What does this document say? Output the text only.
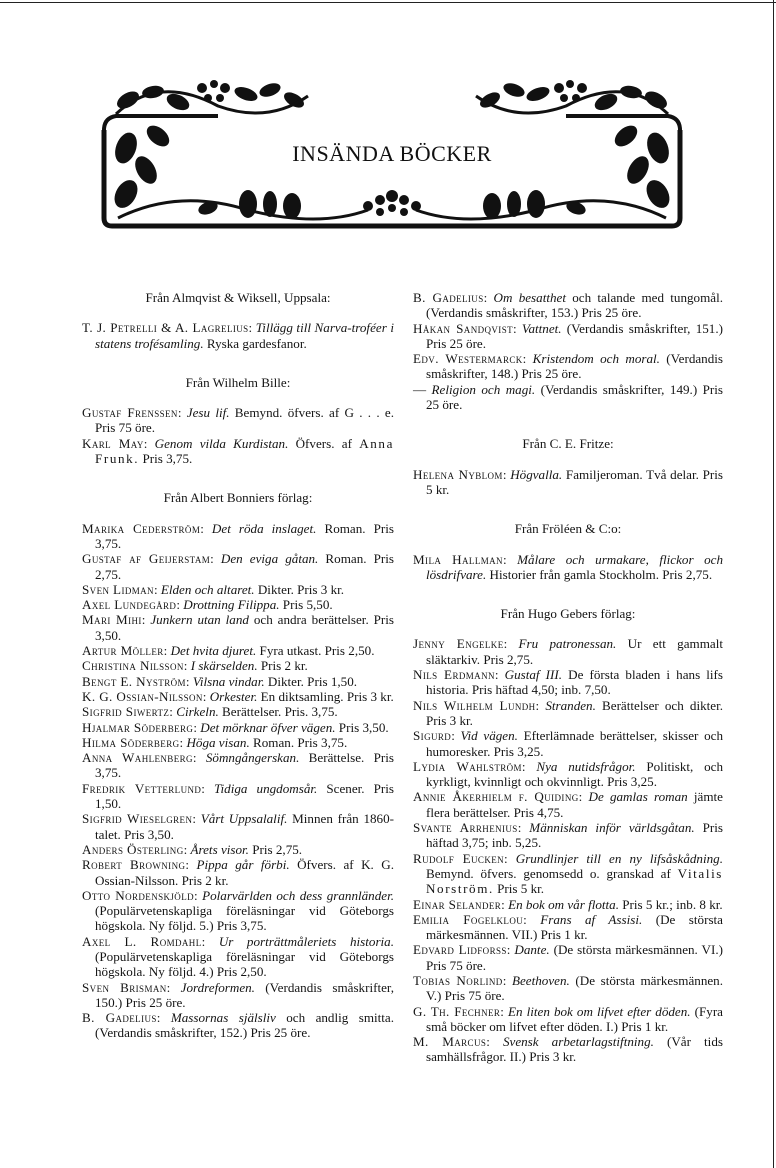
INSÄNDA BÖCKER

Från Almqvist & Wiksell, Uppsala:

T. J. Petrelli & A. Lagrelius: Tillägg till Narva-troféer i statens trofésamling. Ryska gardesfanor.

Från Wilhelm Bille:

Gustaf Frenssen: Jesu lif. Bemynd. öfvers. af G . . . e. Pris 75 öre.

Karl May: Genom vilda Kurdistan. Öfvers. af Anna Frunk. Pris 3,75.

Från Albert Bonniers förlag:

Marika Cederström: Det röda inslaget. Roman. Pris 3,75.

Gustaf af Geijerstam: Den eviga gåtan. Roman. Pris 2,75.

Sven Lidman: Elden och altaret. Dikter. Pris 3 kr.

Axel Lundegård: Drottning Filippa. Pris 5,50.

Mari Mihi: Junkern utan land och andra berättelser. Pris 3,50.

Artur Möller: Det hvita djuret. Fyra utkast. Pris 2,50.

Christina Nilsson: I skärselden. Pris 2 kr.

Bengt E. Nyström: Vilsna vindar. Dikter. Pris 1,50.

K. G. Ossian-Nilsson: Orkester. En diktsamling. Pris 3 kr.

Sigfrid Siwertz: Cirkeln. Berättelser. Pris. 3,75.

Hjalmar Söderberg: Det mörknar öfver vägen. Pris 3,50.

Hilma Söderberg: Höga visan. Roman. Pris 3,75.

Anna Wahlenberg: Sömngångerskan. Berättelse. Pris 3,75.

Fredrik Vetterlund: Tidiga ungdomsår. Scener. Pris 1,50.

Sigfrid Wieselgren: Vårt Uppsalalif. Minnen från 1860-talet. Pris 3,50.

Anders Österling: Årets visor. Pris 2,75.

Robert Browning: Pippa går förbi. Öfvers. af K. G. Ossian-Nilsson. Pris 2 kr.

Otto Nordenskjöld: Polarvärlden och dess grannländer. (Populärvetenskapliga föreläsningar vid Göteborgs högskola. Ny följd. 5.) Pris 3,75.

Axel L. Romdahl: Ur porträttmåleriets historia. (Populärvetenskapliga föreläsningar vid Göteborgs högskola. Ny följd. 4.) Pris 2,50.

Sven Brisman: Jordreformen. (Verdandis småskrifter, 150.) Pris 25 öre.

B. Gadelius: Massornas själsliv och andlig smitta. (Verdandis småskrifter, 152.) Pris 25 öre.

B. Gadelius: Om besatthet och talande med tungomål. (Verdandis småskrifter, 153.) Pris 25 öre.

Håkan Sandqvist: Vattnet. (Verdandis småskrifter, 151.) Pris 25 öre.

Edv. Westermarck: Kristendom och moral. (Verdandis småskrifter, 148.) Pris 25 öre.

— Religion och magi. (Verdandis småskrifter, 149.) Pris 25 öre.

Från C. E. Fritze:

Helena Nyblom: Högvalla. Familjeroman. Två delar. Pris 5 kr.

Från Fröléen & C:o:

Mila Hallman: Målare och urmakare, flickor och lösdrifvare. Historier från gamla Stockholm. Pris 2,75.

Från Hugo Gebers förlag:

Jenny Engelke: Fru patronessan. Ur ett gammalt släktarkiv. Pris 2,75.

Nils Erdmann: Gustaf III. De första bladen i hans lifs historia. Pris häftad 4,50; inb. 7,50.

Nils Wilhelm Lundh: Stranden. Berättelser och dikter. Pris 3 kr.

Sigurd: Vid vägen. Efterlämnade berättelser, skisser och humoresker. Pris 3,25.

Lydia Wahlström: Nya nutidsfrågor. Politiskt, och kyrkligt, kvinnligt och okvinnligt. Pris 3,25.

Annie Åkerhielm f. Quiding: De gamlas roman jämte flera berättelser. Pris 4,75.

Svante Arrhenius: Människan inför världsgåtan. Pris häftad 3,75; inb. 5,25.

Rudolf Eucken: Grundlinjer till en ny lifsåskådning. Bemynd. öfvers. genomsedd o. granskad af Vitalis Norström. Pris 5 kr.

Einar Selander: En bok om vår flotta. Pris 5 kr.; inb. 8 kr.

Emilia Fogelklou: Frans af Assisi. (De största märkesmännen. VII.) Pris 1 kr.

Edvard Lidforss: Dante. (De största märkesmännen. VI.) Pris 75 öre.

Tobias Norlind: Beethoven. (De största märkesmännen. V.) Pris 75 öre.

G. Th. Fechner: En liten bok om lifvet efter döden. (Fyra små böcker om lifvet efter döden. I.) Pris 1 kr.

M. Marcus: Svensk arbetarlagstiftning. (Vår tids samhällsfrågor. II.) Pris 3 kr.
